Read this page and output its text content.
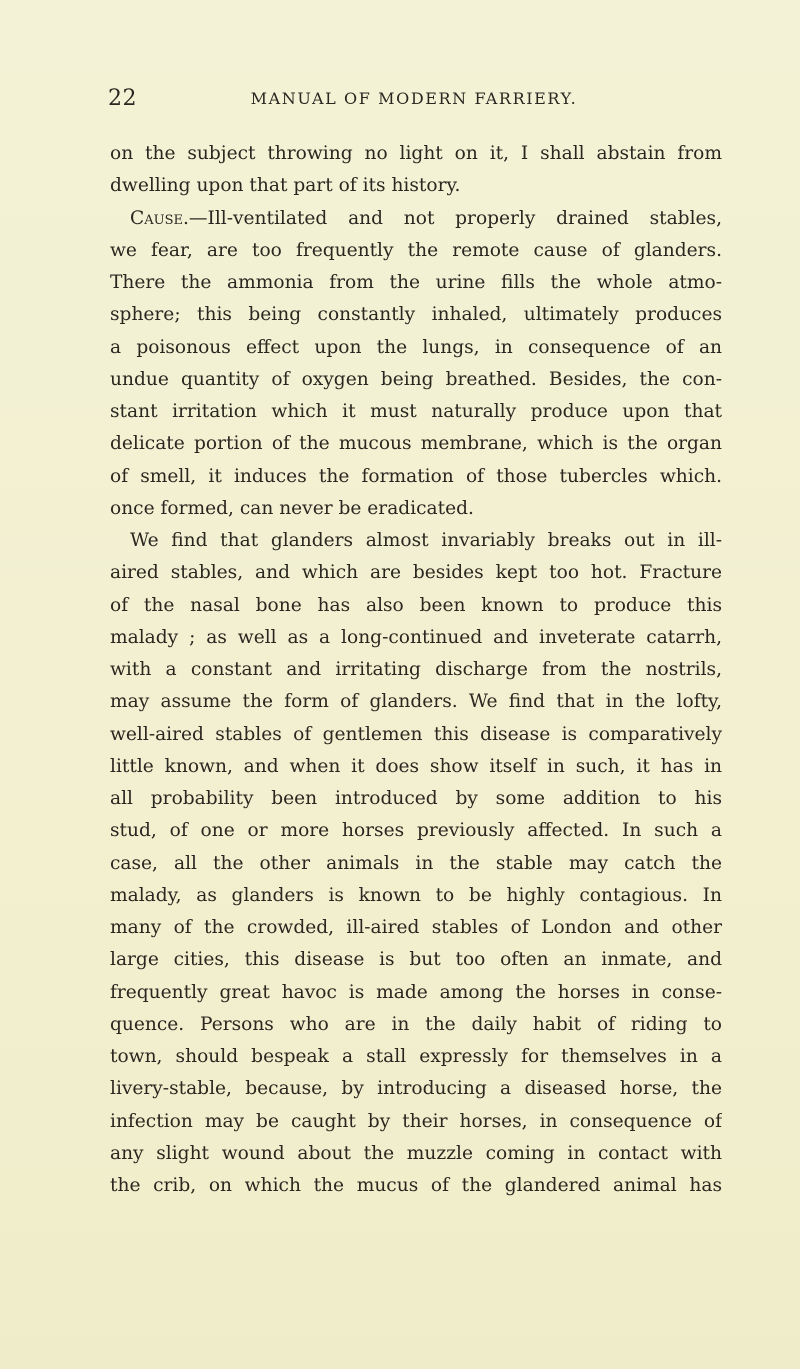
22	MANUAL OF MODERN FARRIERY.
on the subject throwing no light on it, I shall abstain from
dwelling upon that part of its history.
Cause.—Ill-ventilated and not properly drained stables,
we fear, are too frequently the remote cause of glanders.
There the ammonia from the urine fills the whole atmo-
sphere; this being constantly inhaled, ultimately produces
a poisonous effect upon the lungs, in consequence of an
undue quantity of oxygen being breathed. Besides, the con-
stant irritation which it must naturally produce upon that
delicate portion of the mucous membrane, which is the organ
of smell, it induces the formation of those tubercles which.
once formed, can never be eradicated.
We find that glanders almost invariably breaks out in ill-
aired stables, and which are besides kept too hot. Fracture
of the nasal bone has also been known to produce this
malady ; as well as a long-continued and inveterate catarrh,
with a constant and irritating discharge from the nostrils,
may assume the form of glanders. We find that in the lofty,
well-aired stables of gentlemen this disease is comparatively
little known, and when it does show itself in such, it has in
all probability been introduced by some addition to his
stud, of one or more horses previously affected. In such a
case, all the other animals in the stable may catch the
malady, as glanders is known to be highly contagious. In
many of the crowded, ill-aired stables of London and other
large cities, this disease is but too often an inmate, and
frequently great havoc is made among the horses in conse-
quence. Persons who are in the daily habit of riding to
town, should bespeak a stall expressly for themselves in a
livery-stable, because, by introducing a diseased horse, the
infection may be caught by their horses, in consequence of
any slight wound about the muzzle coming in contact with
the crib, on which the mucus of the glandered animal has
